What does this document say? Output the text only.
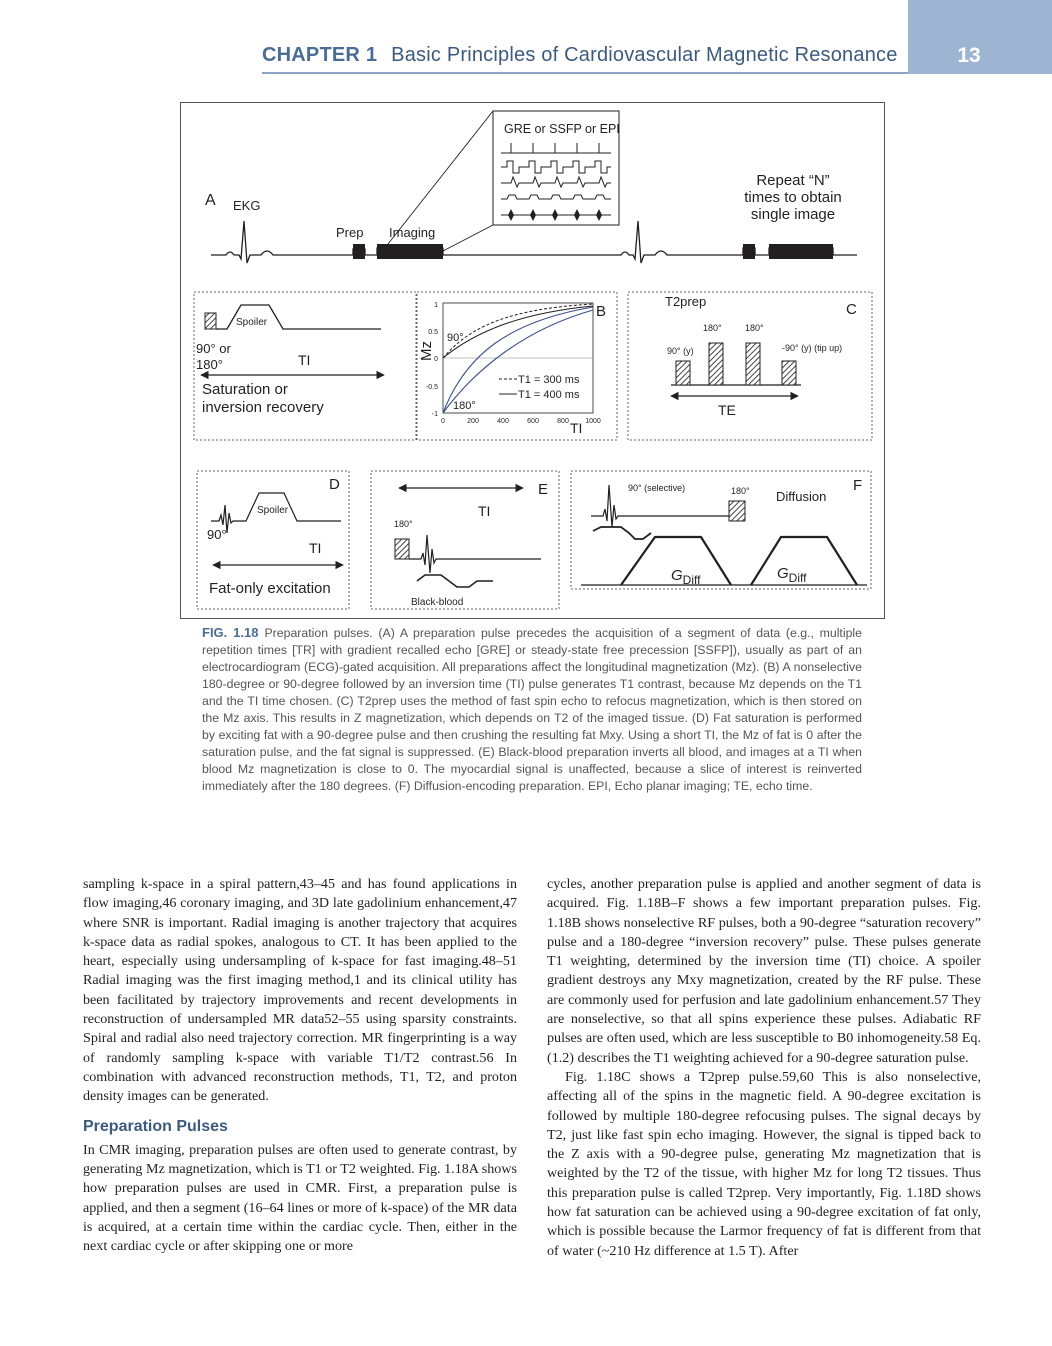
CHAPTER 1 Basic Principles of Cardiovascular Magnetic Resonance	13
A EKG
Prep Imaging
GRE or SSFP or EPI
Repeat “N”
times to obtain
single image
Spoiler
90° or
180°	TI
Saturation or
inversion recovery
B
Mz
1
0.5
0
-0.5
-1
0	200	400	600	800 1000
TI
90°
180°
T1 = 300 ms
T1 = 400 ms
T2prep	C
90° (y)
180°	180°
-90° (y) (tip up)
TE
D
Spoiler
90°
TI
Fat-only excitation
E
TI
180°
Black-blood
F
90° (selective)	180° Diffusion
$G_{Diff}$	$G_{Diff}$
FIG. 1.18 Preparation pulses. (A) A preparation pulse precedes the acquisition of a segment of data (e.g., multiple repetition times [TR] with gradient recalled echo [GRE] or steady-state free precession [SSFP]), usually as part of an electrocardiogram (ECG)-gated acquisition. All preparations affect the longitudinal magnetization (Mz). (B) A nonselective 180-degree or 90-degree followed by an inversion time (TI) pulse generates T1 contrast, because Mz depends on the T1 and the TI time chosen. (C) T2prep uses the method of fast spin echo to refocus magnetization, which is then stored on the Mz axis. This results in Z magnetization, which depends on T2 of the imaged tissue. (D) Fat saturation is performed by exciting fat with a 90-degree pulse and then crushing the resulting fat Mxy. Using a short TI, the Mz of fat is 0 after the saturation pulse, and the fat signal is suppressed. (E) Black-blood preparation inverts all blood, and images at a TI when blood Mz magnetization is close to 0. The myocardial signal is unaffected, because a slice of interest is reinverted immediately after the 180 degrees. (F) Diffusion-encoding preparation. EPI, Echo planar imaging; TE, echo time.

sampling k-space in a spiral pattern,43–45 and has found applications in flow imaging,46 coronary imaging, and 3D late gadolinium enhancement,47 where SNR is important. Radial imaging is another trajectory that acquires k-space data as radial spokes, analogous to CT. It has been applied to the heart, especially using undersampling of k-space for fast imaging.48–51 Radial imaging was the first imaging method,1 and its clinical utility has been facilitated by trajectory improvements and recent developments in reconstruction of undersampled MR data52–55 using sparsity constraints. Spiral and radial also need trajectory correction. MR fingerprinting is a way of randomly sampling k-space with variable T1/T2 contrast.56 In combination with advanced reconstruction methods, T1, T2, and proton density images can be generated.

Preparation Pulses

In CMR imaging, preparation pulses are often used to generate contrast, by generating Mz magnetization, which is T1 or T2 weighted. Fig. 1.18A shows how preparation pulses are used in CMR. First, a preparation pulse is applied, and then a segment (16–64 lines or more of k-space) of the MR data is acquired, at a certain time within the cardiac cycle. Then, either in the next cardiac cycle or after skipping one or more

cycles, another preparation pulse is applied and another segment of data is acquired. Fig. 1.18B–F shows a few important preparation pulses. Fig. 1.18B shows nonselective RF pulses, both a 90-degree “saturation recovery” pulse and a 180-degree “inversion recovery” pulse. These pulses generate T1 weighting, determined by the inversion time (TI) choice. A spoiler gradient destroys any Mxy magnetization, created by the RF pulse. These are commonly used for perfusion and late gadolinium enhancement.57 They are nonselective, so that all spins experience these pulses. Adiabatic RF pulses are often used, which are less susceptible to B0 inhomogeneity.58 Eq. (1.2) describes the T1 weighting achieved for a 90-degree saturation pulse.

Fig. 1.18C shows a T2prep pulse.59,60 This is also nonselective, affecting all of the spins in the magnetic field. A 90-degree excitation is followed by multiple 180-degree refocusing pulses. The signal decays by T2, just like fast spin echo imaging. However, the signal is tipped back to the Z axis with a 90-degree pulse, generating Mz magnetization that is weighted by the T2 of the tissue, with higher Mz for long T2 tissues. Thus this preparation pulse is called T2prep. Very importantly, Fig. 1.18D shows how fat saturation can be achieved using a 90-degree excitation of fat only, which is possible because the Larmor frequency of fat is different from that of water (~210 Hz difference at 1.5 T). After
